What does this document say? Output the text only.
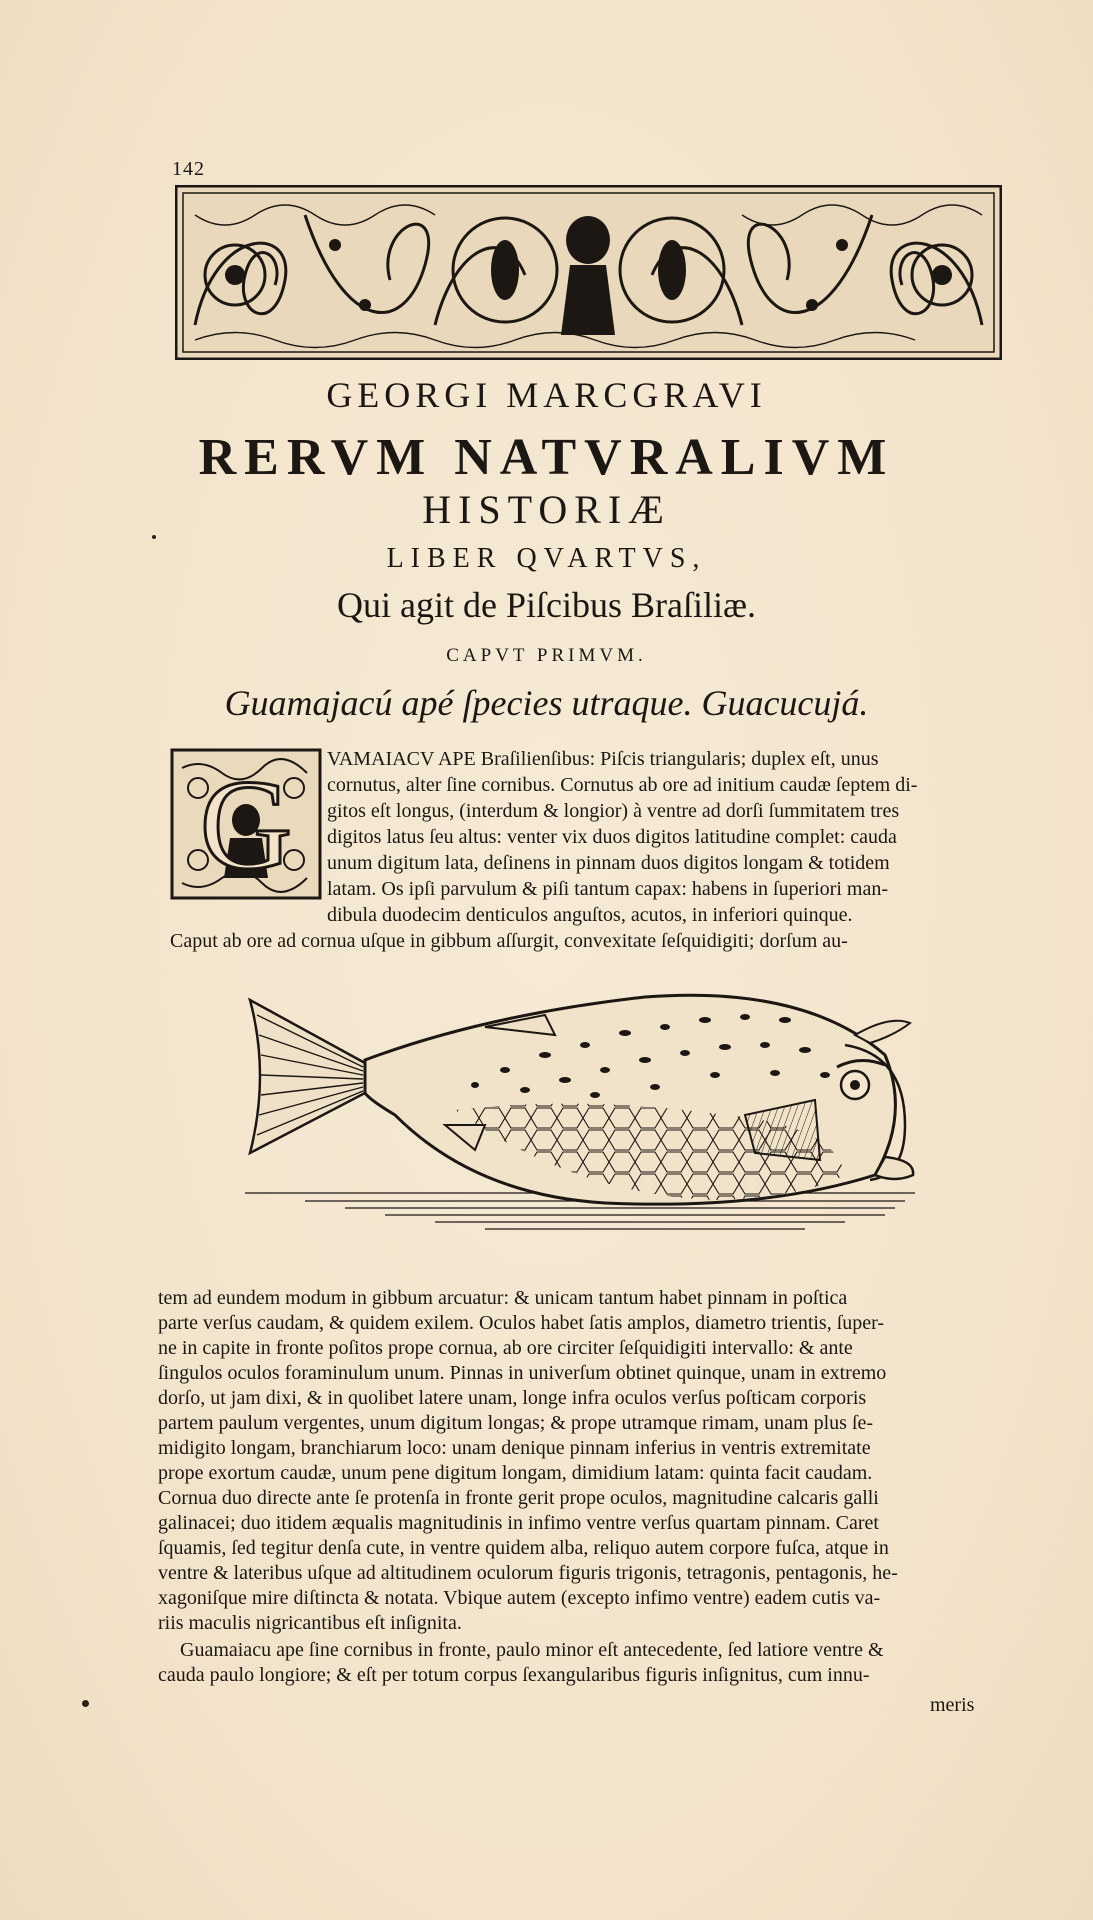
142
GEORGI MARCGRAVI
RERVM NATVRALIVM
HISTORIÆ
LIBER QVARTVS,
Qui agit de Piſcibus Braſiliæ.
CAPVT PRIMVM.
Guamajacú apé ſpecies utraque. Guacucujá.
G VAMAIACV APE Braſilienſibus: Piſcis triangularis; duplex eſt, unus
cornutus, alter ſine cornibus. Cornutus ab ore ad initium caudæ ſeptem di-
gitos eſt longus, (interdum & longior) à ventre ad dorſi ſummitatem tres
digitos latus ſeu altus: venter vix duos digitos latitudine complet: cauda
unum digitum lata, deſinens in pinnam duos digitos longam & totidem
latam. Os ipſi parvulum & piſi tantum capax: habens in ſuperiori man-
dibula duodecim denticulos anguſtos, acutos, in inferiori quinque.
Caput ab ore ad cornua uſque in gibbum aſſurgit, convexitate ſeſquidigiti; dorſum au-
tem ad eundem modum in gibbum arcuatur: & unicam tantum habet pinnam in poſtica
parte verſus caudam, & quidem exilem. Oculos habet ſatis amplos, diametro trientis, ſuper-
ne in capite in fronte poſitos prope cornua, ab ore circiter ſeſquidigiti intervallo: & ante
ſingulos oculos foraminulum unum. Pinnas in univerſum obtinet quinque, unam in extremo
dorſo, ut jam dixi, & in quolibet latere unam, longe infra oculos verſus poſticam corporis
partem paulum vergentes, unum digitum longas; & prope utramque rimam, unam plus ſe-
midigito longam, branchiarum loco: unam denique pinnam inferius in ventris extremitate
prope exortum caudæ, unum pene digitum longam, dimidium latam: quinta facit caudam.
Cornua duo directe ante ſe protenſa in fronte gerit prope oculos, magnitudine calcaris galli
galinacei; duo itidem æqualis magnitudinis in infimo ventre verſus quartam pinnam. Caret
ſquamis, ſed tegitur denſa cute, in ventre quidem alba, reliquo autem corpore fuſca, atque in
ventre & lateribus uſque ad altitudinem oculorum figuris trigonis, tetragonis, pentagonis, he-
xagoniſque mire diſtincta & notata. Vbique autem (excepto infimo ventre) eadem cutis va-
riis maculis nigricantibus eſt inſignita.
Guamaiacu ape ſine cornibus in fronte, paulo minor eſt antecedente, ſed latiore ventre &
cauda paulo longiore; & eſt per totum corpus ſexangularibus figuris inſignitus, cum innu-
meris
